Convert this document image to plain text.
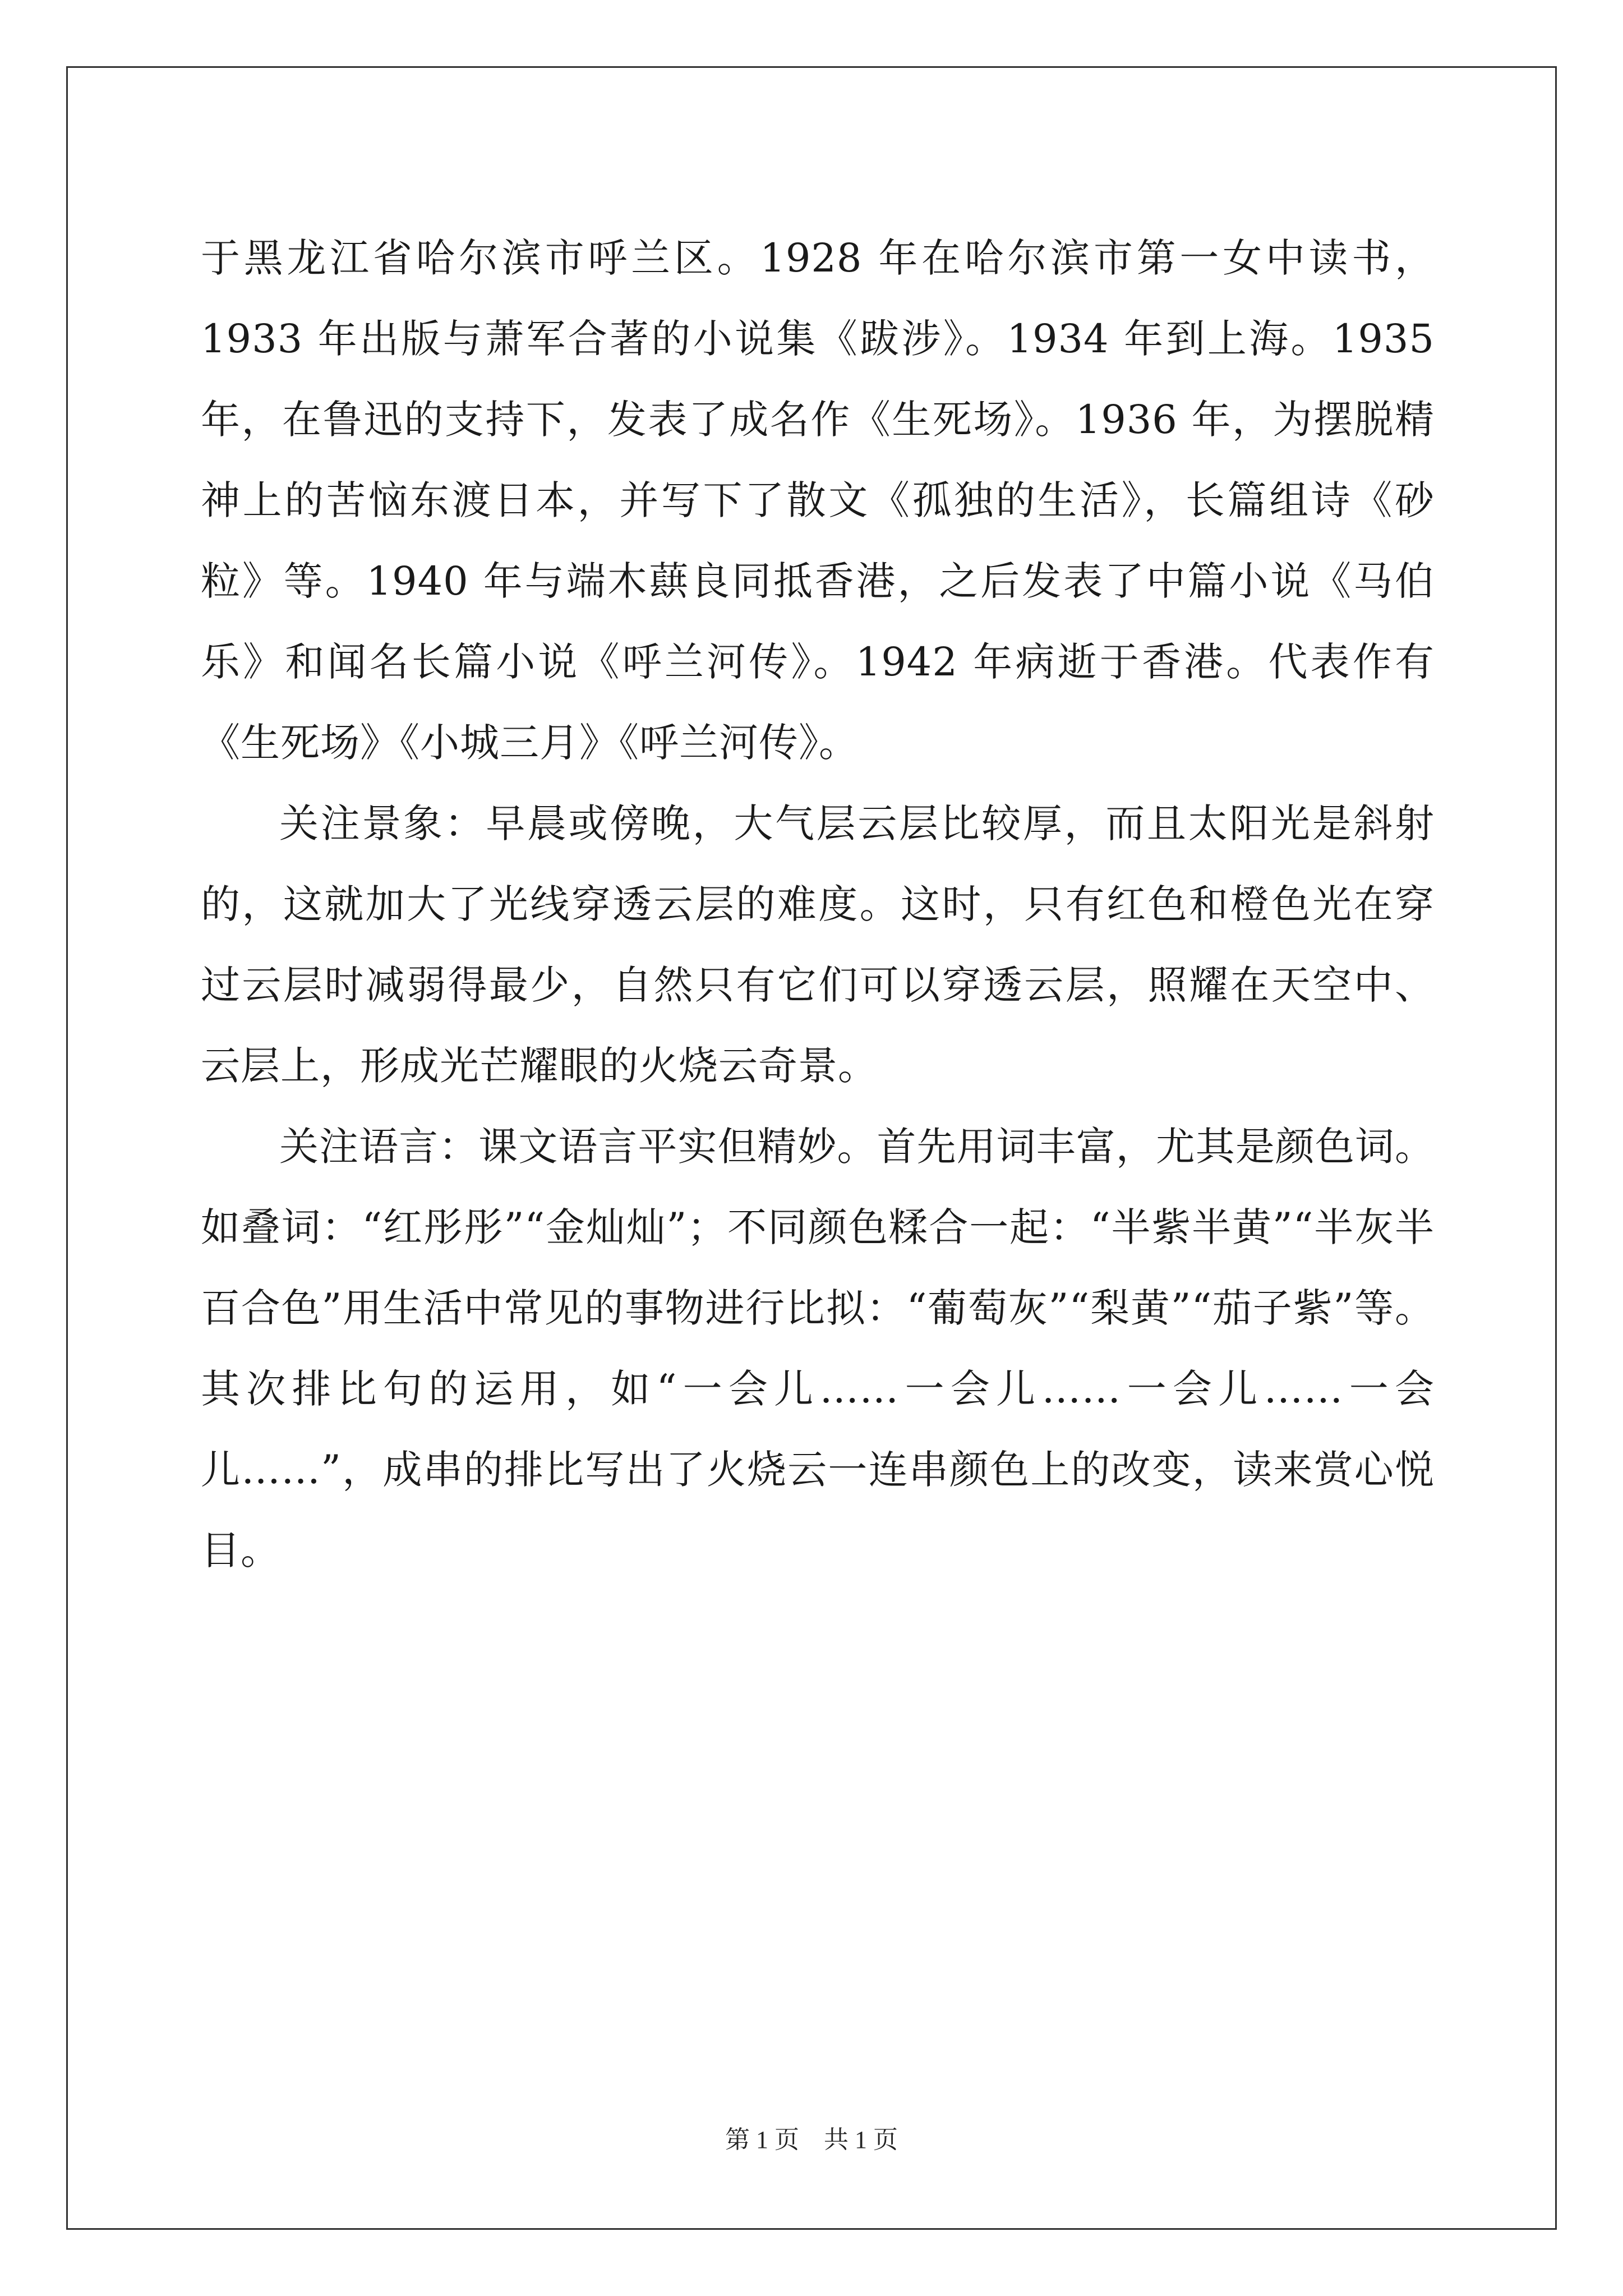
于黑龙江省哈尔滨市呼兰区。1928 年在哈尔滨市第一女中读书，1933 年出版与萧军合著的小说集《跋涉》。1934 年到上海。1935 年，在鲁迅的支持下，发表了成名作《生死场》。1936 年，为摆脱精神上的苦恼东渡日本，并写下了散文《孤独的生活》，长篇组诗《砂粒》等。1940 年与端木蕻良同抵香港，之后发表了中篇小说《马伯乐》和闻名长篇小说《呼兰河传》。1942 年病逝于香港。代表作有《生死场》《小城三月》《呼兰河传》。

关注景象：早晨或傍晚，大气层云层比较厚，而且太阳光是斜射的，这就加大了光线穿透云层的难度。这时，只有红色和橙色光在穿过云层时减弱得最少，自然只有它们可以穿透云层，照耀在天空中、云层上，形成光芒耀眼的火烧云奇景。

关注语言：课文语言平实但精妙。首先用词丰富，尤其是颜色词。如叠词：“红彤彤”“金灿灿”；不同颜色糅合一起：“半紫半黄”“半灰半百合色”用生活中常见的事物进行比拟：“葡萄灰”“梨黄”“茄子紫”等。其次排比句的运用，如“一会儿……一会儿……一会儿……一会儿……”，成串的排比写出了火烧云一连串颜色上的改变，读来赏心悦目。

第 1 页　共 1 页
